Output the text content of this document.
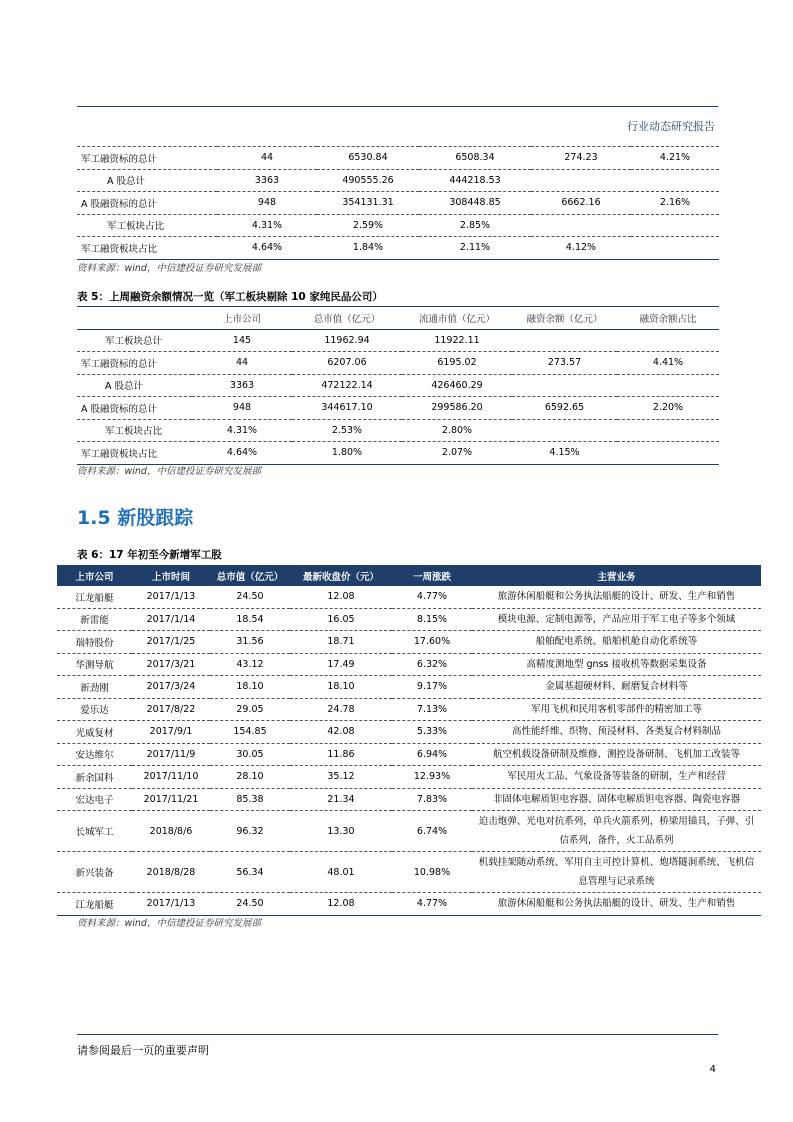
行业动态研究报告
军工融资标的总计	44	6530.84	6508.34	274.23	4.21%
A 股总计	3363	490555.26	444218.53		
A 股融资标的总计	948	354131.31	308448.85	6662.16	2.16%
军工板块占比	4.31%	2.59%	2.85%		
军工融资板块占比	4.64%	1.84%	2.11%	4.12%	
资料来源：wind，中信建投证券研究发展部
表 5：上周融资余额情况一览（军工板块剔除 10 家纯民品公司）
	上市公司	总市值（亿元）	流通市值（亿元）	融资余额（亿元）	融资余额占比
军工板块总计	145	11962.94	11922.11		
军工融资标的总计	44	6207.06	6195.02	273.57	4.41%
A 股总计	3363	472122.14	426460.29		
A 股融资标的总计	948	344617.10	299586.20	6592.65	2.20%
军工板块占比	4.31%	2.53%	2.80%		
军工融资板块占比	4.64%	1.80%	2.07%	4.15%	
资料来源：wind，中信建投证券研究发展部
1.5 新股跟踪
表 6：17 年初至今新增军工股
上市公司	上市时间	总市值（亿元）	最新收盘价（元）	一周涨跌	主营业务
江龙船艇	2017/1/13	24.50	12.08	4.77%	旅游休闲船艇和公务执法船艇的设计、研发、生产和销售
新雷能	2017/1/14	18.54	16.05	8.15%	模块电源、定制电源等，产品应用于军工电子等多个领域
瑞特股份	2017/1/25	31.56	18.71	17.60%	船舶配电系统、船舶机舱自动化系统等
华测导航	2017/3/21	43.12	17.49	6.32%	高精度测地型 gnss 接收机等数据采集设备
新劲刚	2017/3/24	18.10	18.10	9.17%	金属基超硬材料、耐磨复合材料等
爱乐达	2017/8/22	29.05	24.78	7.13%	军用飞机和民用客机零部件的精密加工等
光威复材	2017/9/1	154.85	42.08	5.33%	高性能纤维、织物、预浸材料、各类复合材料制品
安达维尔	2017/11/9	30.05	11.86	6.94%	航空机载设备研制及维修、测控设备研制、飞机加工改装等
新余国科	2017/11/10	28.10	35.12	12.93%	军民用火工品、气象设备等装备的研制，生产和经营
宏达电子	2017/11/21	85.38	21.34	7.83%	非固体电解质钽电容器、固体电解质钽电容器、陶瓷电容器
长城军工	2018/8/6	96.32	13.30	6.74%	迫击炮弹、光电对抗系列，单兵火箭系列，桥梁用锚具，子弹、引信系列，备件，火工品系列
新兴装备	2018/8/28	56.34	48.01	10.98%	机载挂架随动系统、军用自主可控计算机、炮塔隧洞系统、飞机信息管理与记录系统
江龙船艇	2017/1/13	24.50	12.08	4.77%	旅游休闲船艇和公务执法船艇的设计、研发、生产和销售
资料来源：wind，中信建投证券研究发展部
请参阅最后一页的重要声明
4
